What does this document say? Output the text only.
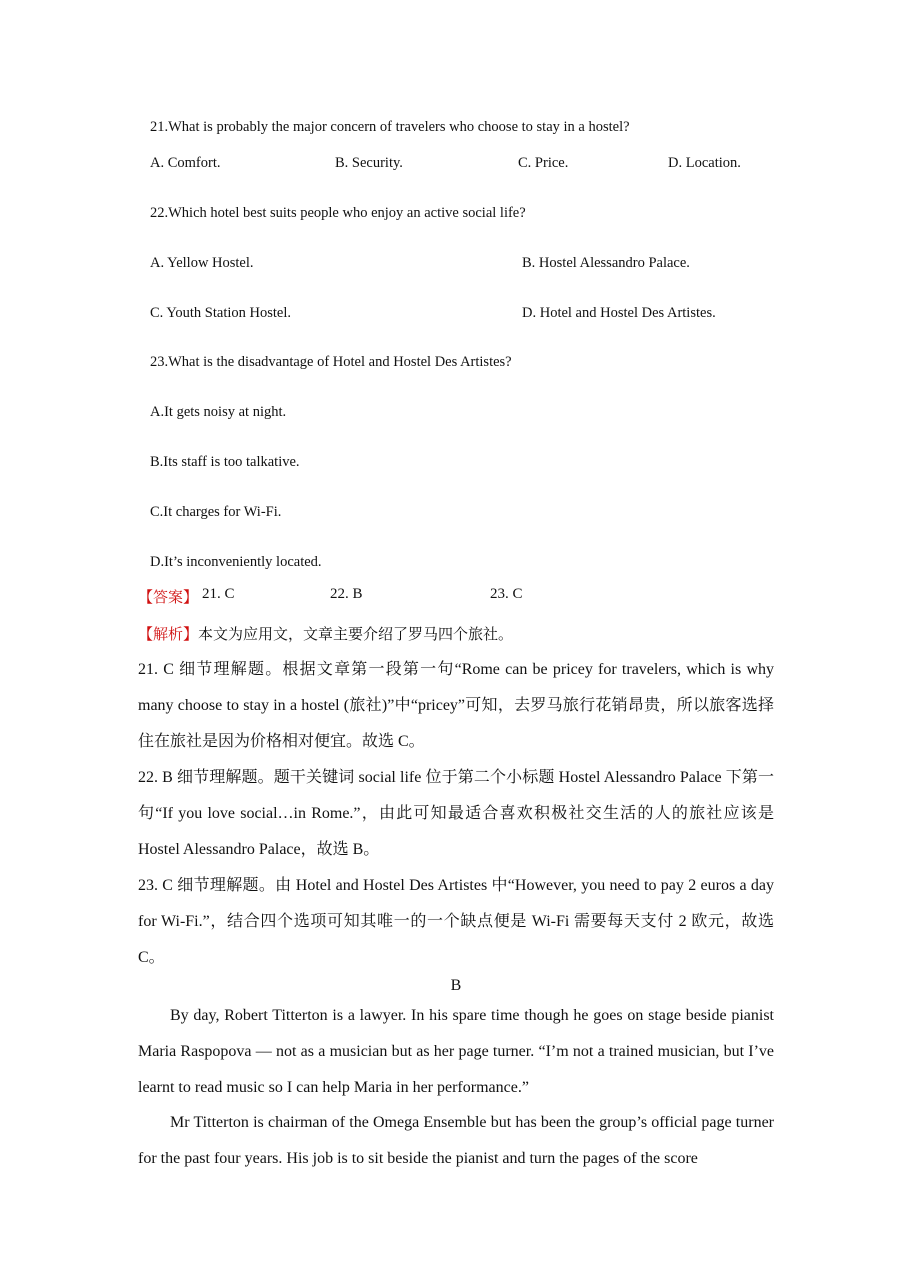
21.What is probably the major concern of travelers who choose to stay in a hostel?
A. Comfort.	B. Security.	C. Price.	D. Location.
22.Which hotel best suits people who enjoy an active social life?
A. Yellow Hostel.	B. Hostel Alessandro Palace.
C. Youth Station Hostel.	D. Hotel and Hostel Des Artistes.
23.What is the disadvantage of Hotel and Hostel Des Artistes?
A.It gets noisy at night.
B.Its staff is too talkative.
C.It charges for Wi-Fi.
D.It’s inconveniently located.
【答案】 21. C	22. B	23. C
【解析】本文为应用文，文章主要介绍了罗马四个旅社。
21. C 细节理解题。根据文章第一段第一句“Rome can be pricey for travelers, which is why many choose to stay in a hostel (旅社)”中“pricey”可知，去罗马旅行花销昂贵，所以旅客选择住在旅社是因为价格相对便宜。故选 C。
22. B 细节理解题。题干关键词 social life 位于第二个小标题 Hostel Alessandro Palace 下第一句“If you love social…in Rome.”，由此可知最适合喜欢积极社交生活的人的旅社应该是 Hostel Alessandro Palace，故选 B。
23. C 细节理解题。由 Hotel and Hostel Des Artistes 中“However, you need to pay 2 euros a day for Wi-Fi.”，结合四个选项可知其唯一的一个缺点便是 Wi-Fi 需要每天支付 2 欧元，故选 C。
B
By day, Robert Titterton is a lawyer. In his spare time though he goes on stage beside pianist Maria Raspopova — not as a musician but as her page turner. “I’m not a trained musician, but I’ve learnt to read music so I can help Maria in her performance.”
Mr Titterton is chairman of the Omega Ensemble but has been the group’s official page turner for the past four years. His job is to sit beside the pianist and turn the pages of the score
